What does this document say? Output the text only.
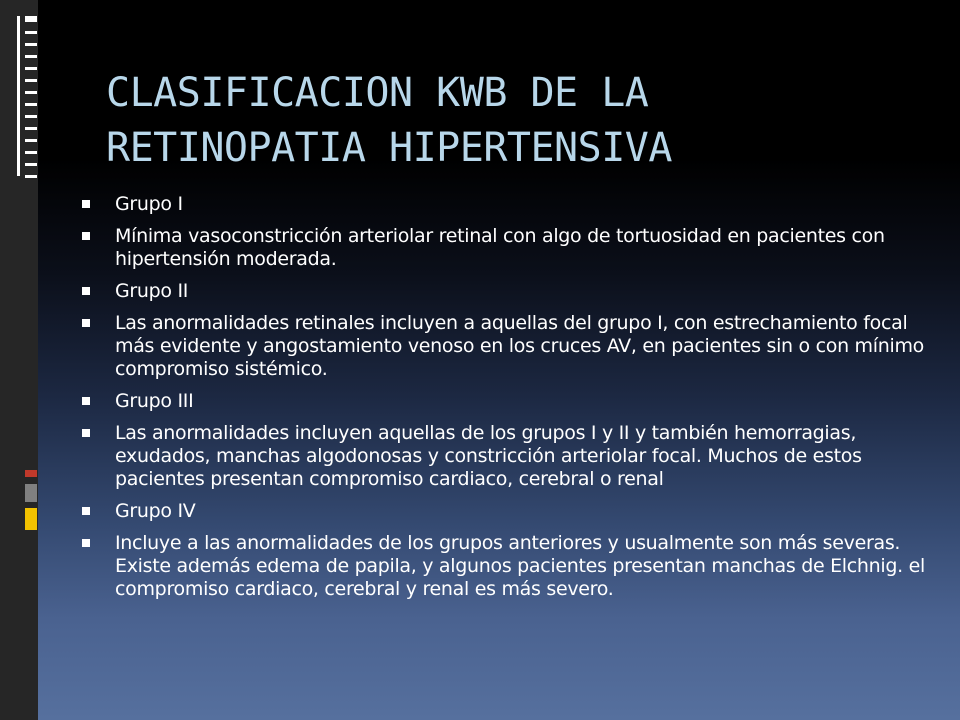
CLASIFICACION KWB DE LA
RETINOPATIA HIPERTENSIVA
Grupo I
Mínima vasoconstricción arteriolar retinal con algo de tortuosidad en pacientes con hipertensión moderada.
Grupo II
Las anormalidades retinales incluyen a aquellas del grupo I, con estrechamiento focal más evidente y angostamiento venoso en los cruces AV, en pacientes sin o con mínimo compromiso sistémico.
Grupo III
Las anormalidades incluyen aquellas de los grupos I y II y también hemorragias, exudados, manchas algodonosas y constricción arteriolar focal. Muchos de estos pacientes presentan compromiso cardiaco, cerebral o renal
Grupo IV
Incluye a las anormalidades de los grupos anteriores y usualmente son más severas. Existe además edema de papila, y algunos pacientes presentan manchas de Elchnig. el compromiso cardiaco, cerebral y renal es más severo.
